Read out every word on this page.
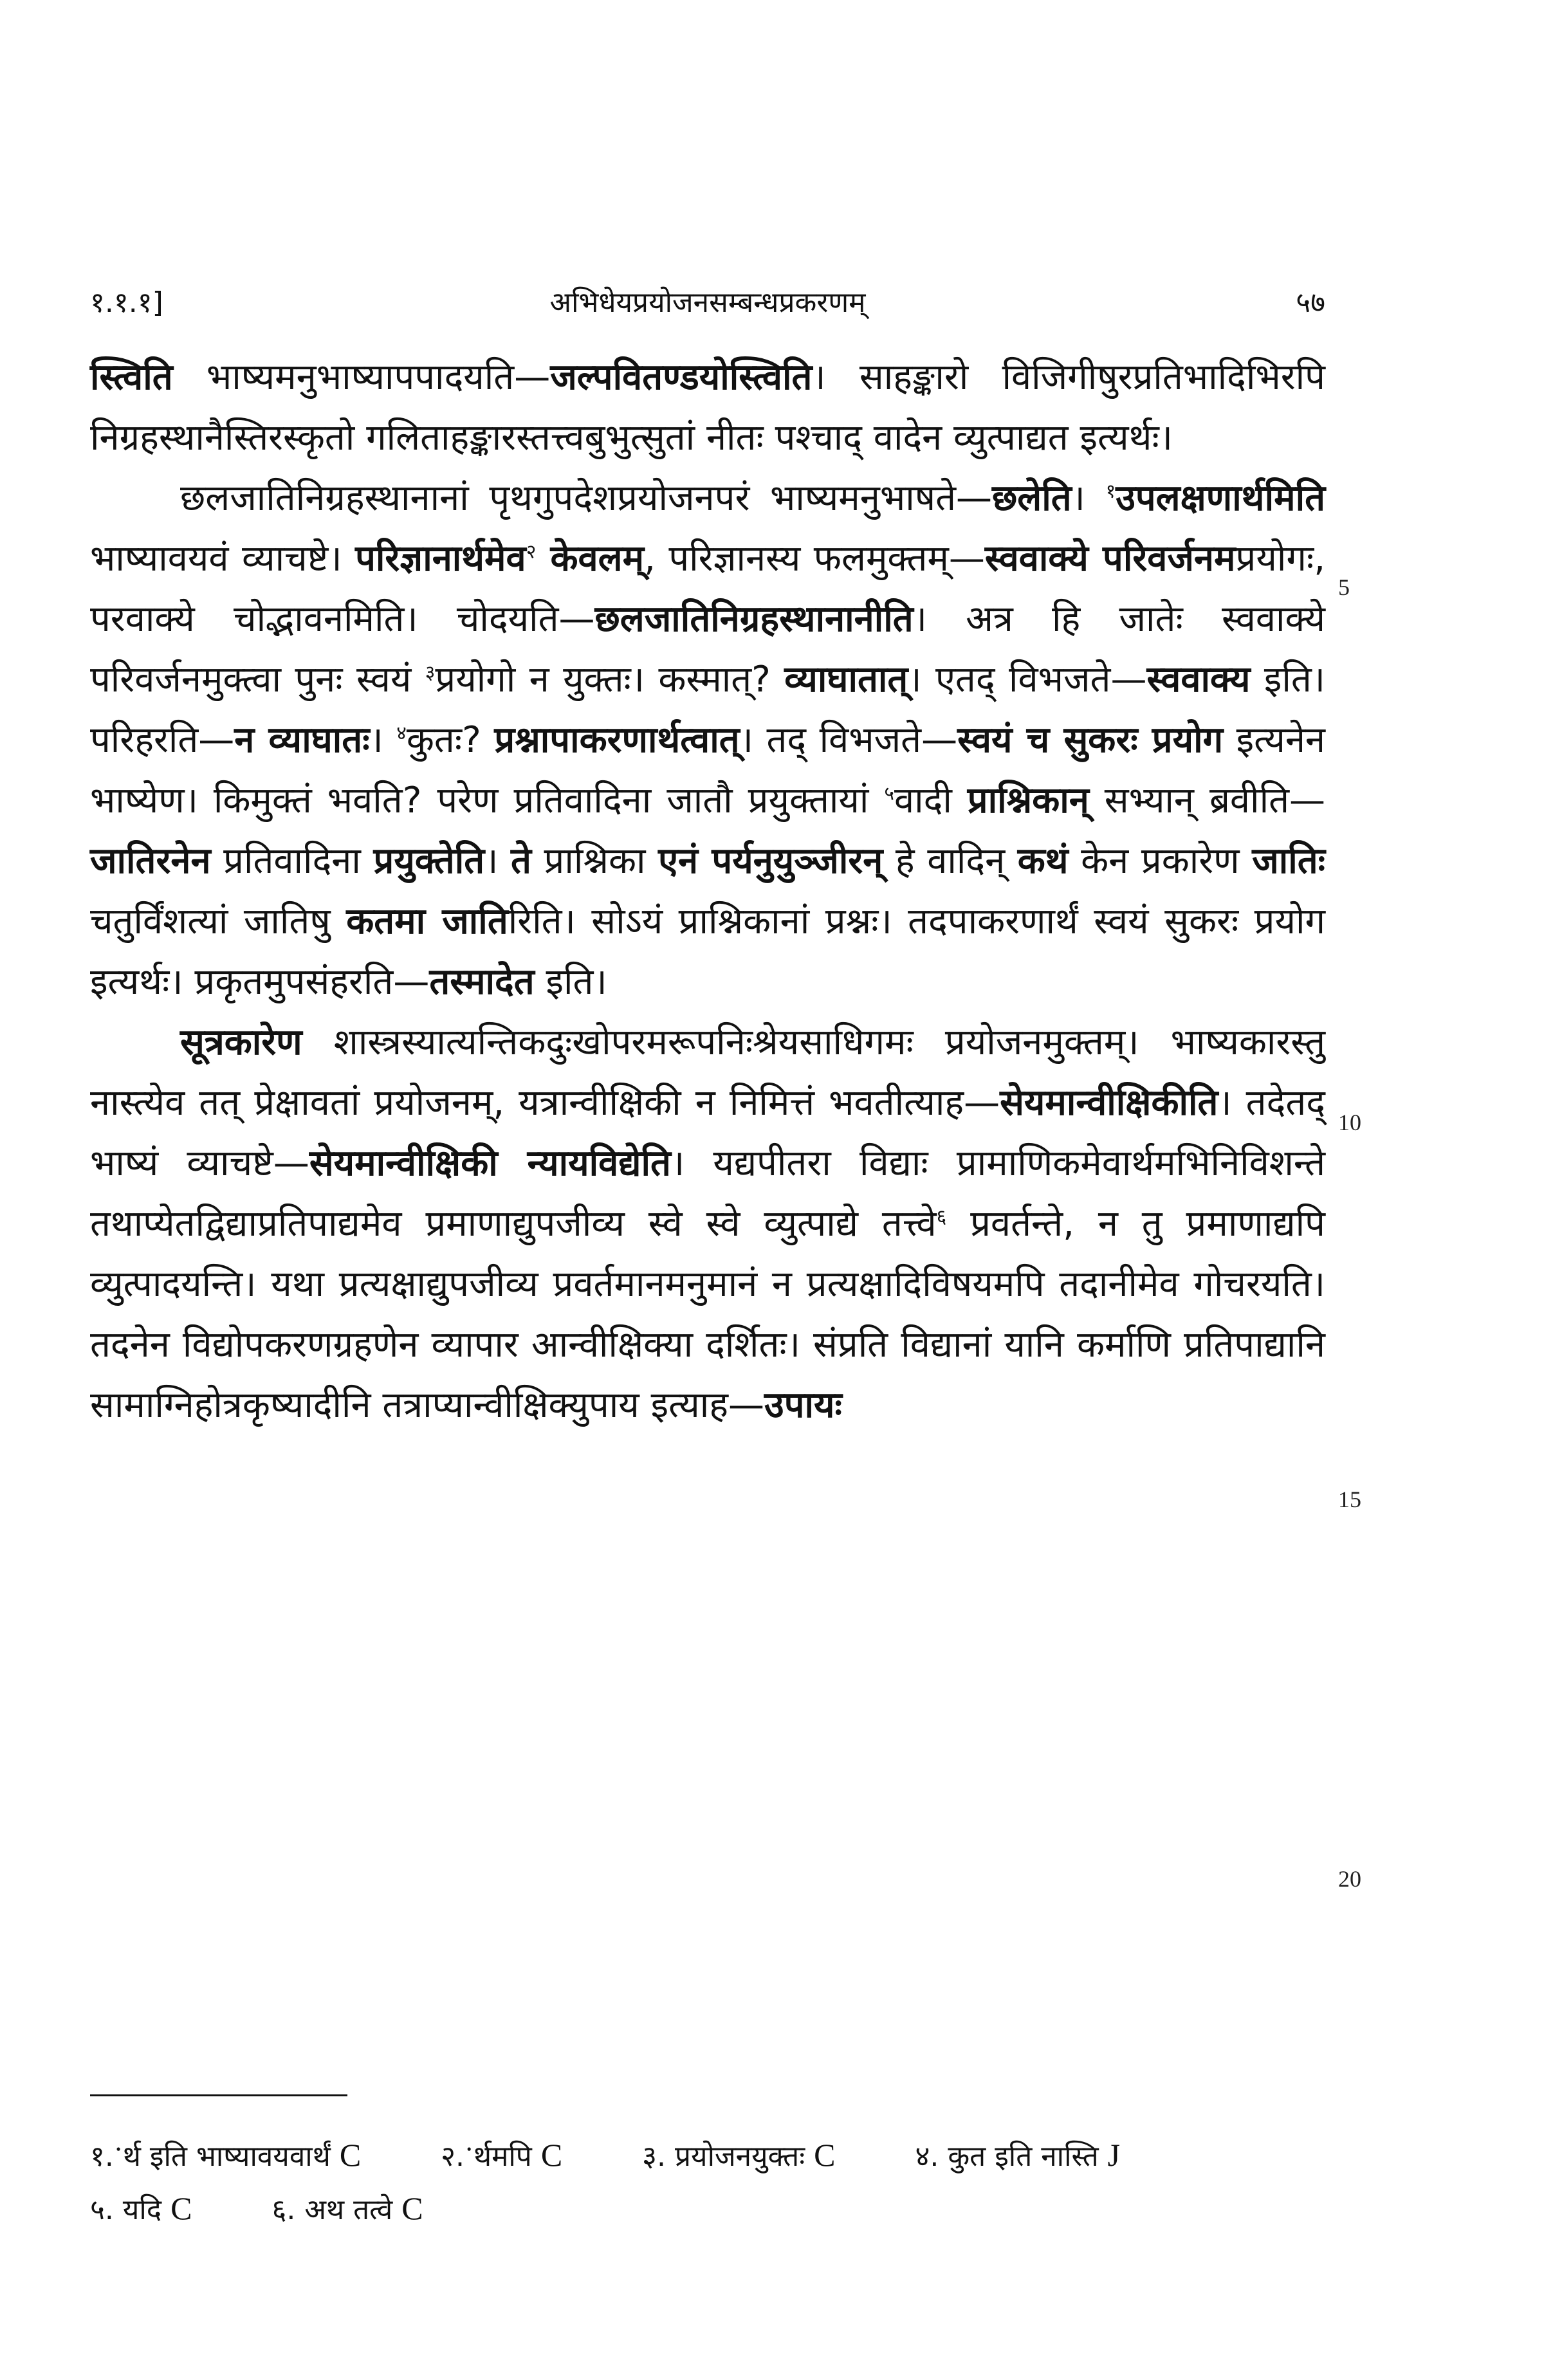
१.१.१]	अभिधेयप्रयोजनसम्बन्धप्रकरणम्	५७

स्त्विति भाष्यमनुभाष्यापपादयति—जल्पवितण्डयोस्त्विति। साहङ्कारो विजिगीषुरप्रतिभादिभिरपि निग्रहस्थानैस्तिरस्कृतो गलिताहङ्कारस्तत्त्वबुभुत्सुतां नीतः पश्चाद् वादेन व्युत्पाद्यत इत्यर्थः।

छलजातिनिग्रहस्थानानां पृथगुपदेशप्रयोजनपरं भाष्यमनुभाषते—छलेति। $^१$उपलक्षणार्थमिति भाष्यावयवं व्याचष्टे। परिज्ञानार्थमेव$^२$ केवलम्, परिज्ञानस्य फलमुक्तम्—स्ववाक्ये परिवर्जनमप्रयोगः, परवाक्ये चोद्भावनमिति। चोदयति—छलजातिनिग्रहस्थानानीति। अत्र हि जातेः स्ववाक्ये परिवर्जनमुक्त्वा पुनः स्वयं $^३$प्रयोगो न युक्तः। कस्मात्? व्याघातात्। एतद् विभजते—स्ववाक्य इति। परिहरति—न व्याघातः। $^४$कुतः? प्रश्नापाकरणार्थत्वात्। तद् विभजते—स्वयं च सुकरः प्रयोग इत्यनेन भाष्येण। किमुक्तं भवति? परेण प्रतिवादिना जातौ प्रयुक्तायां $^५$वादी प्राश्निकान् सभ्यान् ब्रवीति—जातिरनेन प्रतिवादिना प्रयुक्तेति। ते प्राश्निका एनं पर्यनुयुञ्जीरन् हे वादिन् कथं केन प्रकारेण जातिः चतुर्विंशत्यां जातिषु कतमा जातिरिति। सोऽयं प्राश्निकानां प्रश्नः। तदपाकरणार्थं स्वयं सुकरः प्रयोग इत्यर्थः। प्रकृतमुपसंहरति—तस्मादेत इति।

सूत्रकारेण शास्त्रस्यात्यन्तिकदुःखोपरमरूपनिःश्रेयसाधिगमः प्रयोजनमुक्तम्। भाष्यकारस्तु नास्त्येव तत् प्रेक्षावतां प्रयोजनम्, यत्रान्वीक्षिकी न निमित्तं भवतीत्याह—सेयमान्वीक्षिकीति। तदेतद् भाष्यं व्याचष्टे—सेयमान्वीक्षिकी न्यायविद्येति। यद्यपीतरा विद्याः प्रामाणिकमेवार्थमभिनिविशन्ते तथाप्येतद्विद्याप्रतिपाद्यमेव प्रमाणाद्युपजीव्य स्वे स्वे व्युत्पाद्ये तत्त्वे$^६$ प्रवर्तन्ते, न तु प्रमाणाद्यपि व्युत्पादयन्ति। यथा प्रत्यक्षाद्युपजीव्य प्रवर्तमानमनुमानं न प्रत्यक्षादिविषयमपि तदानीमेव गोचरयति। तदनेन विद्योपकरणग्रहणेन व्यापार आन्वीक्षिक्या दर्शितः। संप्रति विद्यानां यानि कर्माणि प्रतिपाद्यानि सामाग्निहोत्रकृष्यादीनि तत्राप्यान्वीक्षिक्युपाय इत्याह—उपायः

5
10
15
20
१.ॱर्थ इति भाष्यावयवार्थं C	२.ॱर्थमपि C	३. प्रयोजनयुक्तः C	४. कुत इति नास्ति J ५. यदि C	६. अथ तत्वे C
